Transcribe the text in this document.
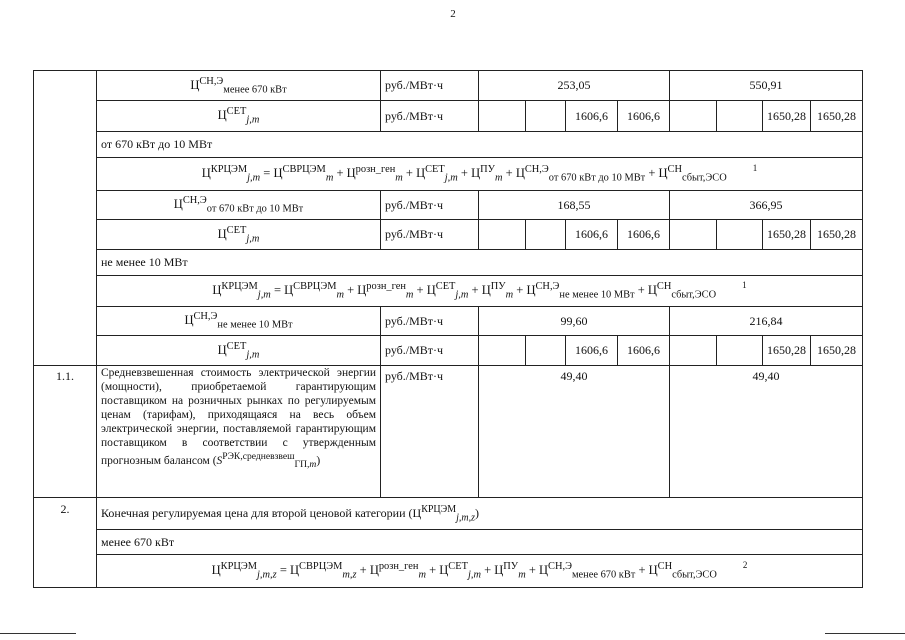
2
	$Ц^{СН,Э}_{менее 670 кВт}$	руб./МВт·ч	253,05				550,91			
	$Ц^{СЕТ}_{j,m}$	руб./МВт·ч			1606,6	1606,6			1650,28	1650,28
	от 670 кВт до 10 МВт									
	$Ц^{КРЦЭМ}_{j,m} = Ц^{СВРЦЭМ}_m + Ц^{розн\_ген}_m + Ц^{СЕТ}_{j,m} + Ц^{ПУ}_m + Ц^{СН,Э}_{от 670 кВт до 10 МВт} + Ц^{СН}_{сбыт,ЭСО}^1$
	$Ц^{СН,Э}_{от 670 кВт до 10 МВт}$	руб./МВт·ч	168,55				366,95			
	$Ц^{СЕТ}_{j,m}$	руб./МВт·ч			1606,6	1606,6			1650,28	1650,28
	не менее 10 МВт									
	$Ц^{КРЦЭМ}_{j,m} = Ц^{СВРЦЭМ}_m + Ц^{розн\_ген}_m + Ц^{СЕТ}_{j,m} + Ц^{ПУ}_m + Ц^{СН,Э}_{не менее 10 МВт} + Ц^{СН}_{сбыт,ЭСО}^1$
	$Ц^{СН,Э}_{не менее 10 МВт}$	руб./МВт·ч	99,60				216,84			
	$Ц^{СЕТ}_{j,m}$	руб./МВт·ч			1606,6	1606,6			1650,28	1650,28
1.1.	Средневзвешенная стоимость электрической энергии (мощности), приобретаемой гарантирующим поставщиком на розничных рынках по регулируемым ценам (тарифам), приходящаяся на весь объем электрической энергии, поставляемой гарантирующим поставщиком в соответствии с утвержденным прогнозным балансом $(S^{РЭК,средневзвеш}_{ГП,m})$	руб./МВт·ч	49,40				49,40			
2.	Конечная регулируемая цена для второй ценовой категории $(Ц^{КРЦЭМ}_{j,m,z})$									
	менее 670 кВт									
	$Ц^{КРЦЭМ}_{j,m,z} = Ц^{СВРЦЭМ}_{m,z} + Ц^{розн\_ген}_m + Ц^{СЕТ}_{j,m} + Ц^{ПУ}_m + Ц^{СН,Э}_{менее 670 кВт} + Ц^{СН}_{сбыт,ЭСО}^2$
